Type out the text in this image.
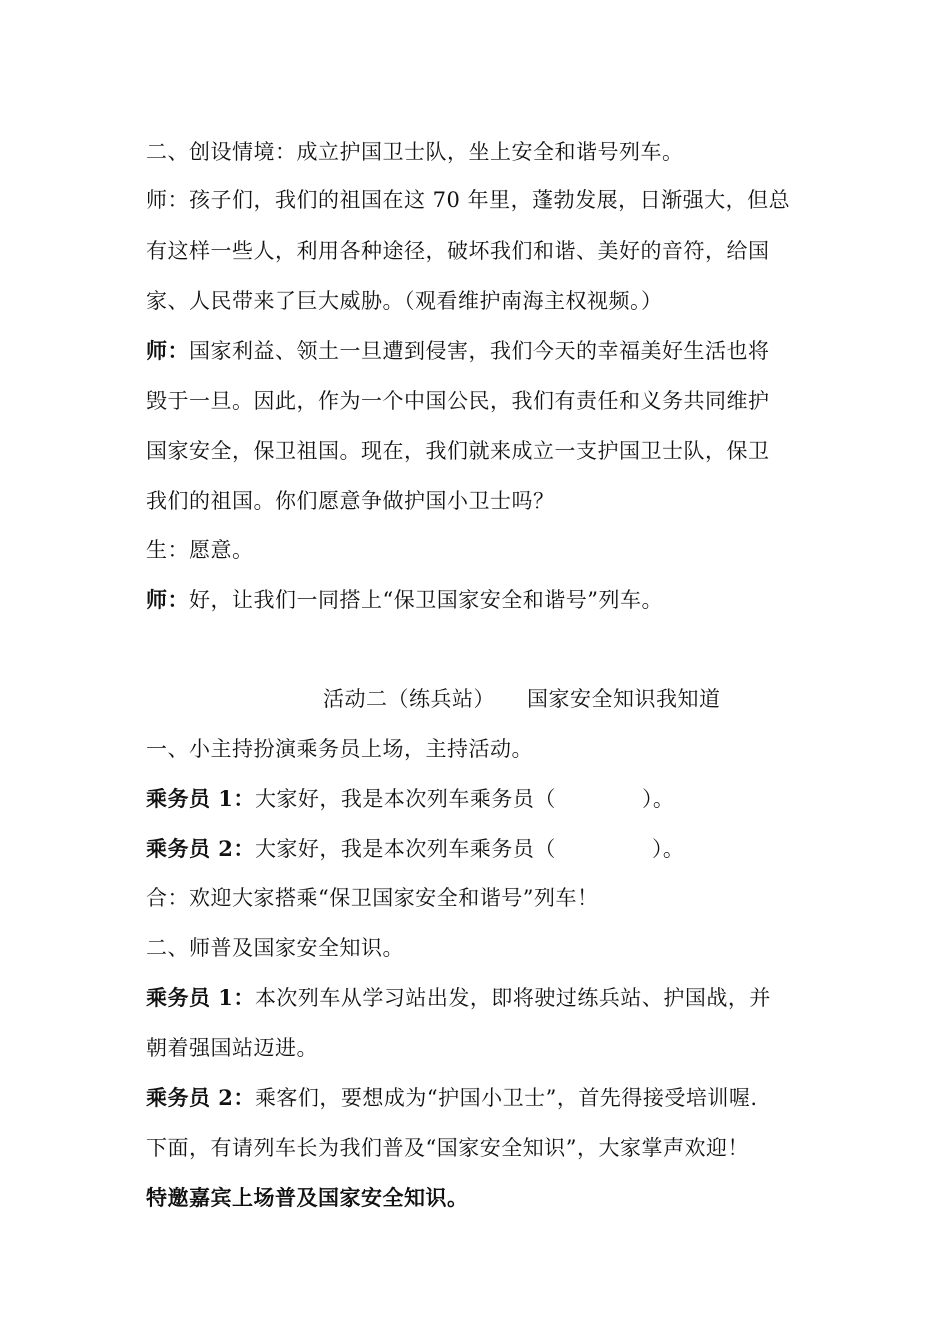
二、创设情境：成立护国卫士队，坐上安全和谐号列车。
师：孩子们，我们的祖国在这 70 年里，蓬勃发展，日渐强大，但总
有这样一些人，利用各种途径，破坏我们和谐、美好的音符，给国
家、人民带来了巨大威胁。（观看维护南海主权视频。）
师：国家利益、领土一旦遭到侵害，我们今天的幸福美好生活也将
毁于一旦。因此，作为一个中国公民，我们有责任和义务共同维护
国家安全，保卫祖国。现在，我们就来成立一支护国卫士队，保卫
我们的祖国。你们愿意争做护国小卫士吗？
生：愿意。
师：好，让我们一同搭上“保卫国家安全和谐号”列车。
活动二（练兵站） 国家安全知识我知道
一、小主持扮演乘务员上场，主持活动。
乘务员 1：大家好，我是本次列车乘务员（	）。
乘务员 2：大家好，我是本次列车乘务员（	）。
合：欢迎大家搭乘“保卫国家安全和谐号”列车！
二、师普及国家安全知识。
乘务员 1：本次列车从学习站出发，即将驶过练兵站、护国战，并
朝着强国站迈进。
乘务员 2：乘客们，要想成为“护国小卫士”，首先得接受培训喔.
下面，有请列车长为我们普及“国家安全知识”，大家掌声欢迎！
特邀嘉宾上场普及国家安全知识。
